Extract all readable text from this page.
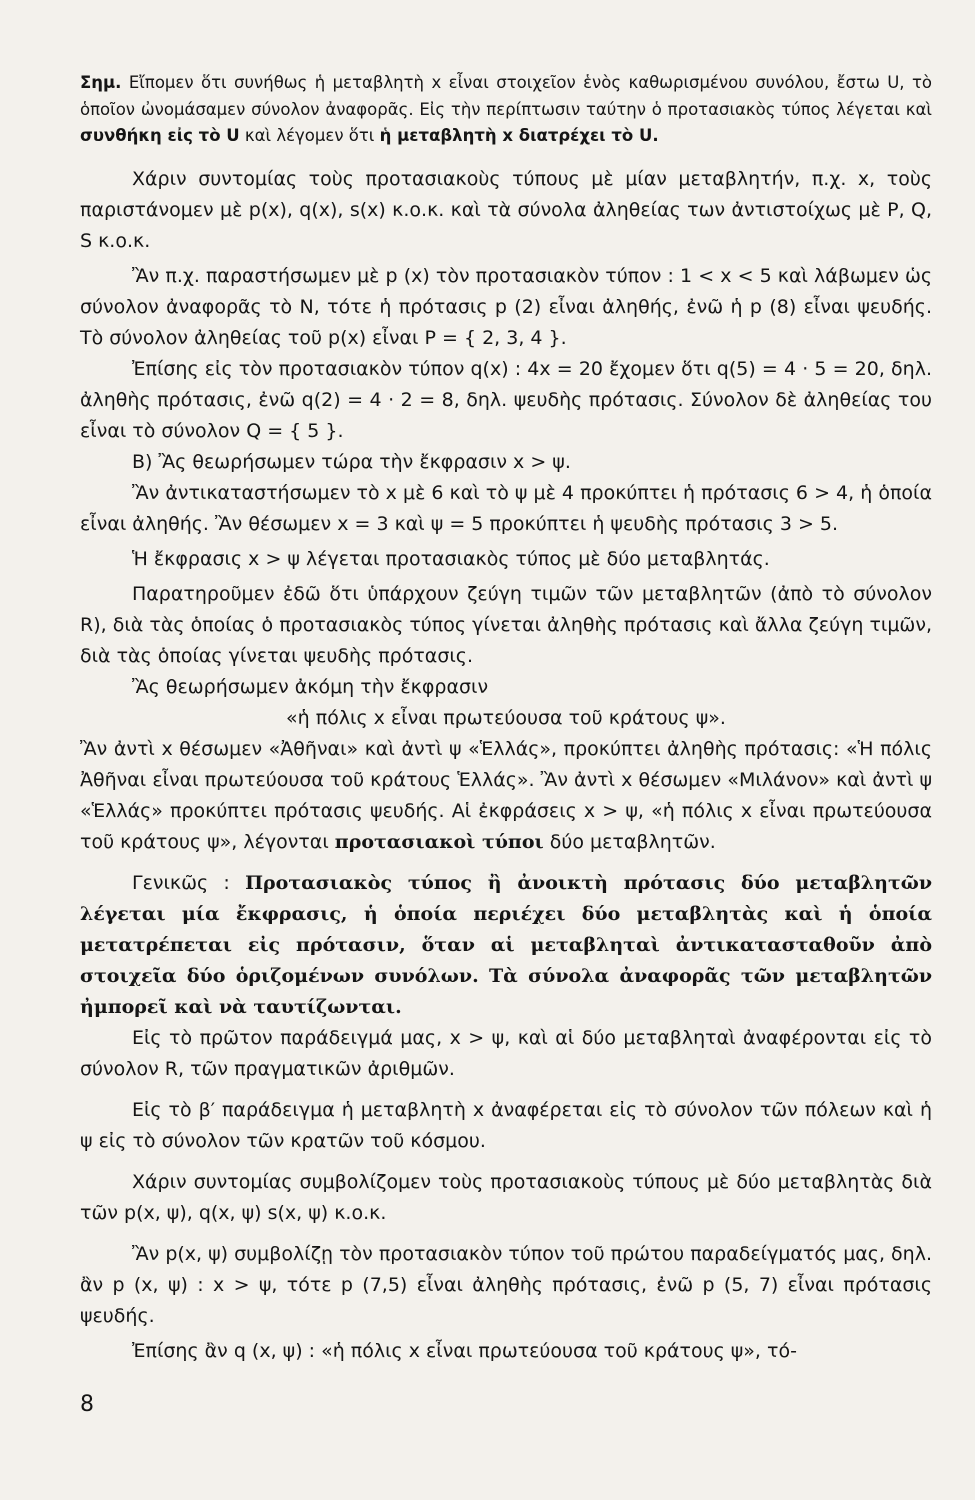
Σημ. Εἴπομεν ὅτι συνήθως ἡ μεταβλητὴ x εἶναι στοιχεῖον ἑνὸς καθωρισμένου συνόλου, ἔστω U, τὸ ὁποῖον ὠνομάσαμεν σύνολον ἀναφορᾶς. Εἰς τὴν περίπτωσιν ταύτην ὁ προτασιακὸς τύπος λέγεται καὶ συνθήκη εἰς τὸ U καὶ λέγομεν ὅτι ἡ μεταβλητὴ x διατρέχει τὸ U.

Χάριν συντομίας τοὺς προτασιακοὺς τύπους μὲ μίαν μεταβλητήν, π.χ. x, τοὺς παριστάνομεν μὲ p(x), q(x), s(x) κ.ο.κ. καὶ τὰ σύνολα ἀληθείας των ἀντιστοίχως μὲ P, Q, S κ.ο.κ.

Ἂν π.χ. παραστήσωμεν μὲ p (x) τὸν προτασιακὸν τύπον : 1 < x < 5 καὶ λάβωμεν ὡς σύνολον ἀναφορᾶς τὸ N, τότε ἡ πρότασις p (2) εἶναι ἀληθής, ἐνῶ ἡ p (8) εἶναι ψευδής. Τὸ σύνολον ἀληθείας τοῦ p(x) εἶναι P = { 2, 3, 4 }.

Ἐπίσης εἰς τὸν προτασιακὸν τύπον q(x) : 4x = 20 ἔχομεν ὅτι q(5) = 4 · 5 = 20, δηλ. ἀληθὴς πρότασις, ἐνῶ q(2) = 4 · 2 = 8, δηλ. ψευδὴς πρότασις. Σύνολον δὲ ἀληθείας του εἶναι τὸ σύνολον Q = { 5 }.

B) Ἂς θεωρήσωμεν τώρα τὴν ἔκφρασιν x > ψ.

Ἂν ἀντικαταστήσωμεν τὸ x μὲ 6 καὶ τὸ ψ μὲ 4 προκύπτει ἡ πρότασις 6 > 4, ἡ ὁποία εἶναι ἀληθής. Ἂν θέσωμεν x = 3 καὶ ψ = 5 προκύπτει ἡ ψευδὴς πρότασις 3 > 5.

Ἡ ἔκφρασις x > ψ λέγεται προτασιακὸς τύπος μὲ δύο μεταβλητάς.

Παρατηροῦμεν ἐδῶ ὅτι ὑπάρχουν ζεύγη τιμῶν τῶν μεταβλητῶν (ἀπὸ τὸ σύνολον R), διὰ τὰς ὁποίας ὁ προτασιακὸς τύπος γίνεται ἀληθὴς πρότασις καὶ ἄλλα ζεύγη τιμῶν, διὰ τὰς ὁποίας γίνεται ψευδὴς πρότασις.

Ἂς θεωρήσωμεν ἀκόμη τὴν ἔκφρασιν

«ἡ πόλις x εἶναι πρωτεύουσα τοῦ κράτους ψ».

Ἂν ἀντὶ x θέσωμεν «Ἀθῆναι» καὶ ἀντὶ ψ «Ἑλλάς», προκύπτει ἀληθὴς πρότασις: «Ἡ πόλις Ἀθῆναι εἶναι πρωτεύουσα τοῦ κράτους Ἑλλάς». Ἂν ἀντὶ x θέσωμεν «Μιλάνον» καὶ ἀντὶ ψ «Ἑλλάς» προκύπτει πρότασις ψευδής. Αἱ ἐκφράσεις x > ψ, «ἡ πόλις x εἶναι πρωτεύουσα τοῦ κράτους ψ», λέγονται προτασιακοὶ τύποι δύο μεταβλητῶν.

Γενικῶς : Προτασιακὸς τύπος ἢ ἀνοικτὴ πρότασις δύο μεταβλητῶν λέγεται μία ἔκφρασις, ἡ ὁποία περιέχει δύο μεταβλητὰς καὶ ἡ ὁποία μετατρέπεται εἰς πρότασιν, ὅταν αἱ μεταβληταὶ ἀντικατασταθοῦν ἀπὸ στοιχεῖα δύο ὁριζομένων συνόλων. Τὰ σύνολα ἀναφορᾶς τῶν μεταβλητῶν ἠμπορεῖ καὶ νὰ ταυτίζωνται.

Εἰς τὸ πρῶτον παράδειγμά μας, x > ψ, καὶ αἱ δύο μεταβληταὶ ἀναφέρονται εἰς τὸ σύνολον R, τῶν πραγματικῶν ἀριθμῶν.

Εἰς τὸ β′ παράδειγμα ἡ μεταβλητὴ x ἀναφέρεται εἰς τὸ σύνολον τῶν πόλεων καὶ ἡ ψ εἰς τὸ σύνολον τῶν κρατῶν τοῦ κόσμου.

Χάριν συντομίας συμβολίζομεν τοὺς προτασιακοὺς τύπους μὲ δύο μεταβλητὰς διὰ τῶν p(x, ψ), q(x, ψ) s(x, ψ) κ.ο.κ.

Ἂν p(x, ψ) συμβολίζῃ τὸν προτασιακὸν τύπον τοῦ πρώτου παραδείγματός μας, δηλ. ἂν p (x, ψ) : x > ψ, τότε p (7,5) εἶναι ἀληθὴς πρότασις, ἐνῶ p (5, 7) εἶναι πρότασις ψευδής.

Ἐπίσης ἂν q (x, ψ) : «ἡ πόλις x εἶναι πρωτεύουσα τοῦ κράτους ψ», τό-

8
